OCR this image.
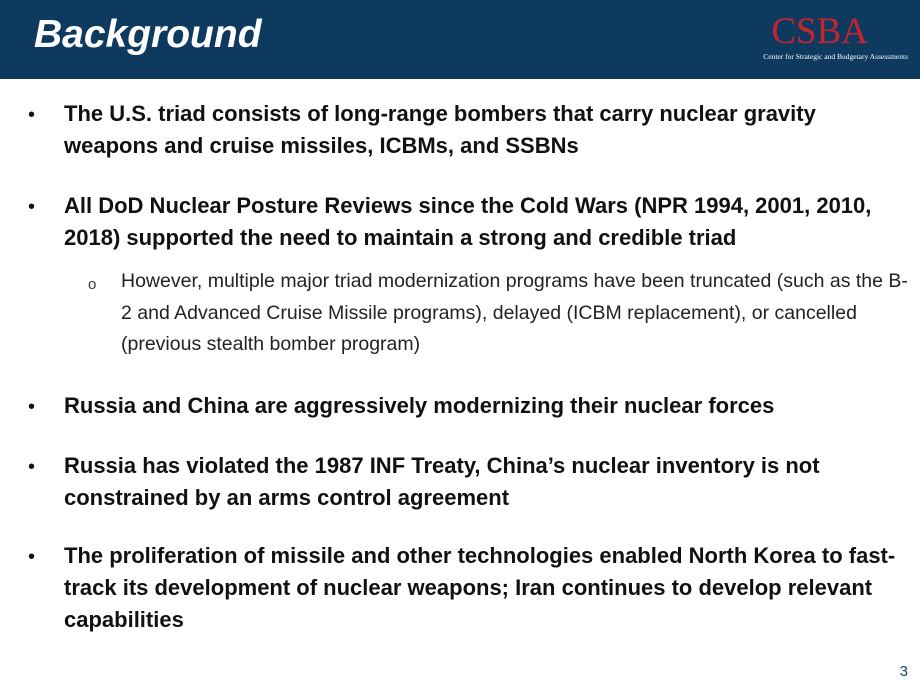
Background	CSBA
Center for Strategic and Budgetary Assessments
• The U.S. triad consists of long-range bombers that carry nuclear gravity weapons and cruise missiles, ICBMs, and SSBNs
• All DoD Nuclear Posture Reviews since the Cold Wars (NPR 1994, 2001, 2010, 2018) supported the need to maintain a strong and credible triad
o However, multiple major triad modernization programs have been truncated (such as the B-2 and Advanced Cruise Missile programs), delayed (ICBM replacement), or cancelled (previous stealth bomber program)
• Russia and China are aggressively modernizing their nuclear forces
• Russia has violated the 1987 INF Treaty, China’s nuclear inventory is not constrained by an arms control agreement
• The proliferation of missile and other technologies enabled North Korea to fast-track its development of nuclear weapons; Iran continues to develop relevant capabilities
3
